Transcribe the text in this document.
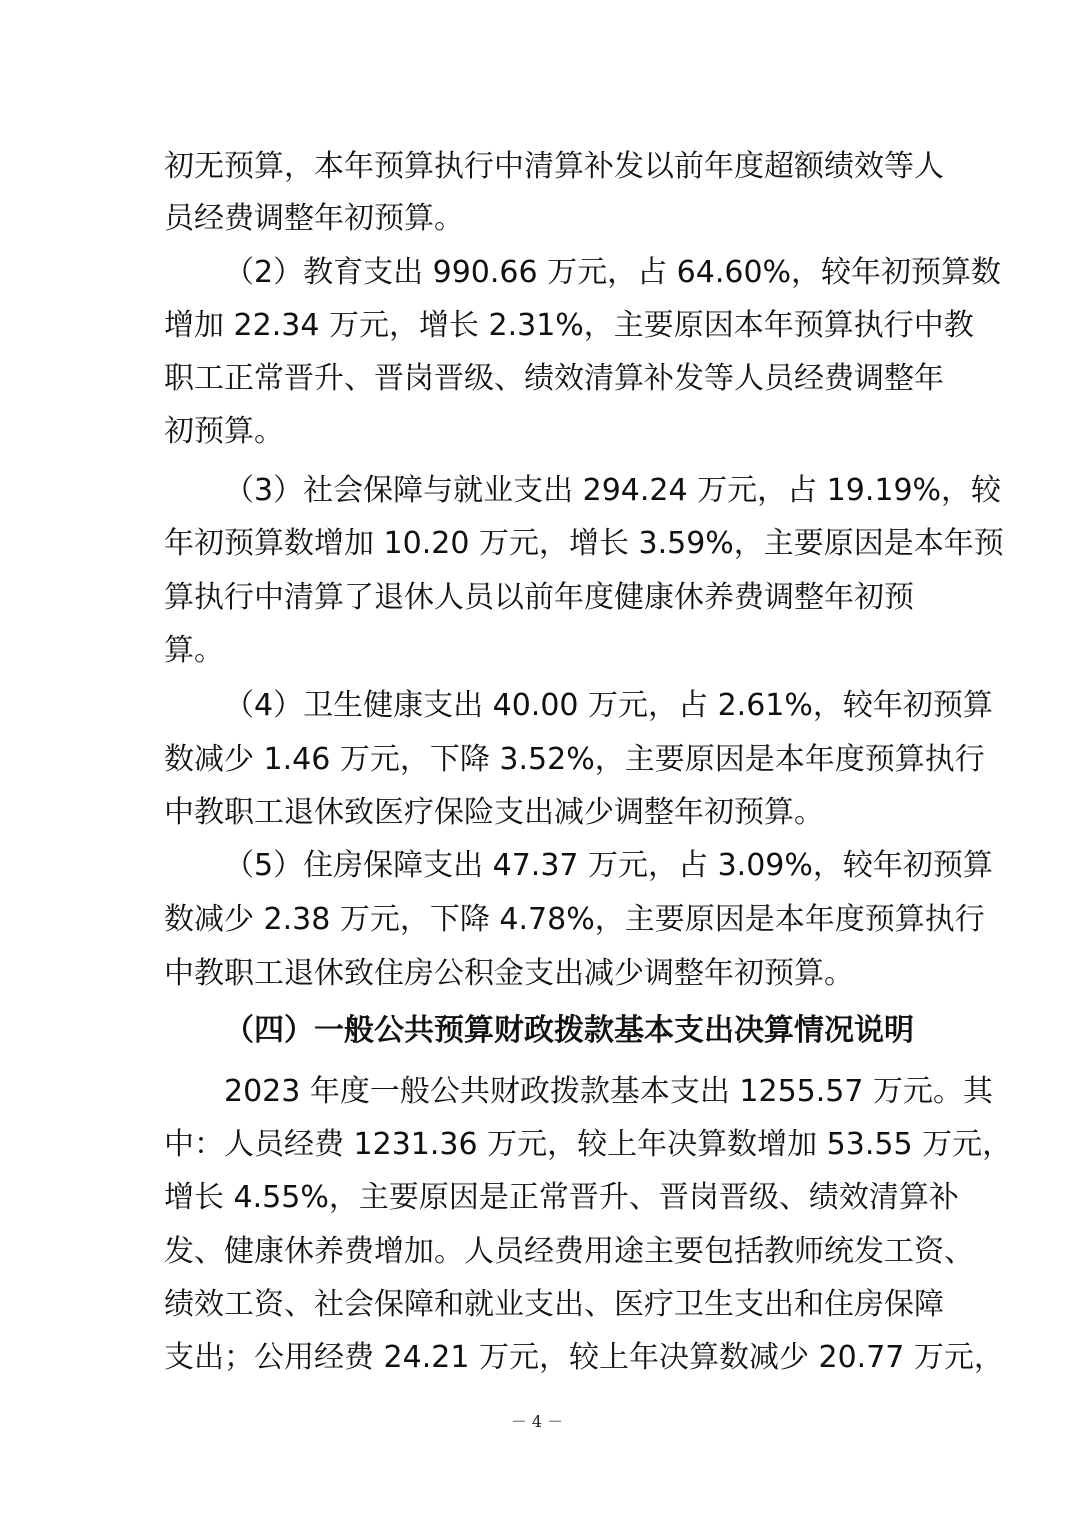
初无预算，本年预算执行中清算补发以前年度超额绩效等人
员经费调整年初预算。
（2）教育支出 990.66 万元，占 64.60%，较年初预算数
增加 22.34 万元，增长 2.31%，主要原因本年预算执行中教
职工正常晋升、晋岗晋级、绩效清算补发等人员经费调整年
初预算。
（3）社会保障与就业支出 294.24 万元，占 19.19%，较
年初预算数增加 10.20 万元，增长 3.59%，主要原因是本年预
算执行中清算了退休人员以前年度健康休养费调整年初预
算。
（4）卫生健康支出 40.00 万元，占 2.61%，较年初预算
数减少 1.46 万元，下降 3.52%，主要原因是本年度预算执行
中教职工退休致医疗保险支出减少调整年初预算。
（5）住房保障支出 47.37 万元，占 3.09%，较年初预算
数减少 2.38 万元，下降 4.78%，主要原因是本年度预算执行
中教职工退休致住房公积金支出减少调整年初预算。
（四）一般公共预算财政拨款基本支出决算情况说明
2023 年度一般公共财政拨款基本支出 1255.57 万元。其
中：人员经费 1231.36 万元，较上年决算数增加 53.55 万元，
增长 4.55%，主要原因是正常晋升、晋岗晋级、绩效清算补
发、健康休养费增加。人员经费用途主要包括教师统发工资、
绩效工资、社会保障和就业支出、医疗卫生支出和住房保障
支出；公用经费 24.21 万元，较上年决算数减少 20.77 万元，
－ 4 －
